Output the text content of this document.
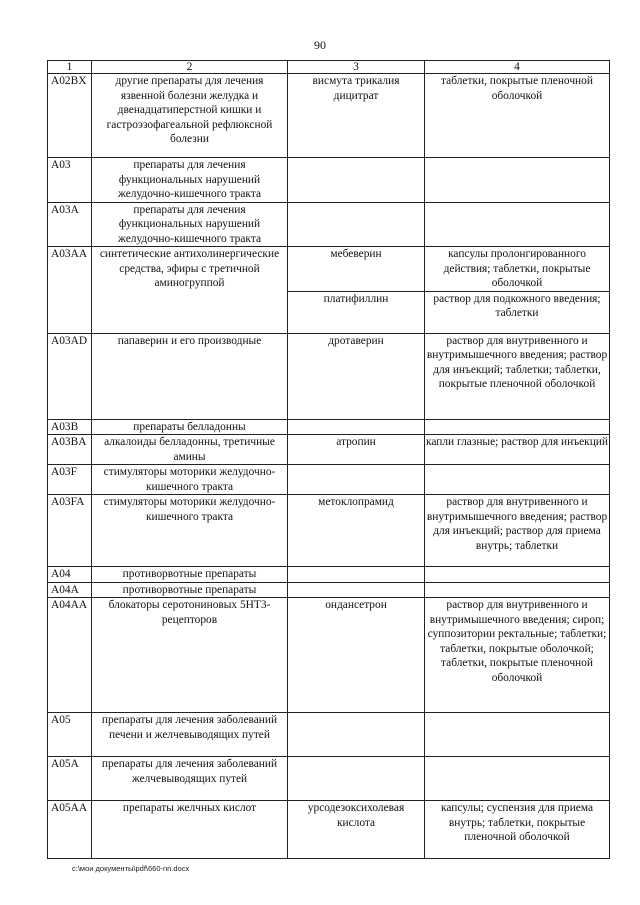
90
1	2	3	4
A02BX	другие препараты для лечения язвенной болезни желудка и двенадцатиперстной кишки и гастроэзофагеальной рефлюксной болезни	висмута трикалия дицитрат	таблетки, покрытые пленочной оболочкой
A03	препараты для лечения функциональных нарушений желудочно-кишечного тракта		
A03A	препараты для лечения функциональных нарушений желудочно-кишечного тракта		
A03AA	синтетические антихолинергические средства, эфиры с третичной аминогруппой	мебеверин	капсулы пролонгированного действия; таблетки, покрытые оболочкой
		платифиллин	раствор для подкожного введения; таблетки
A03AD	папаверин и его производные	дротаверин	раствор для внутривенного и внутримышечного введения; раствор для инъекций; таблетки; таблетки, покрытые пленочной оболочкой
A03B	препараты белладонны		
A03BA	алкалоиды белладонны, третичные амины	атропин	капли глазные; раствор для инъекций
A03F	стимуляторы моторики желудочно-кишечного тракта		
A03FA	стимуляторы моторики желудочно-кишечного тракта	метоклопрамид	раствор для внутривенного и внутримышечного введения; раствор для инъекций; раствор для приема внутрь; таблетки
A04	противорвотные препараты		
A04A	противорвотные препараты		
A04AA	блокаторы серотониновых 5HT3-рецепторов	ондансетрон	раствор для внутривенного и внутримышечного введения; сироп; суппозитории ректальные; таблетки; таблетки, покрытые оболочкой; таблетки, покрытые пленочной оболочкой
A05	препараты для лечения заболеваний печени и желчевыводящих путей		
A05A	препараты для лечения заболеваний желчевыводящих путей		
A05AA	препараты желчных кислот	урсодезоксихолевая кислота	капсулы; суспензия для приема внутрь; таблетки, покрытые пленочной оболочкой
c:\мои документы\pdf\660-nn.docx
